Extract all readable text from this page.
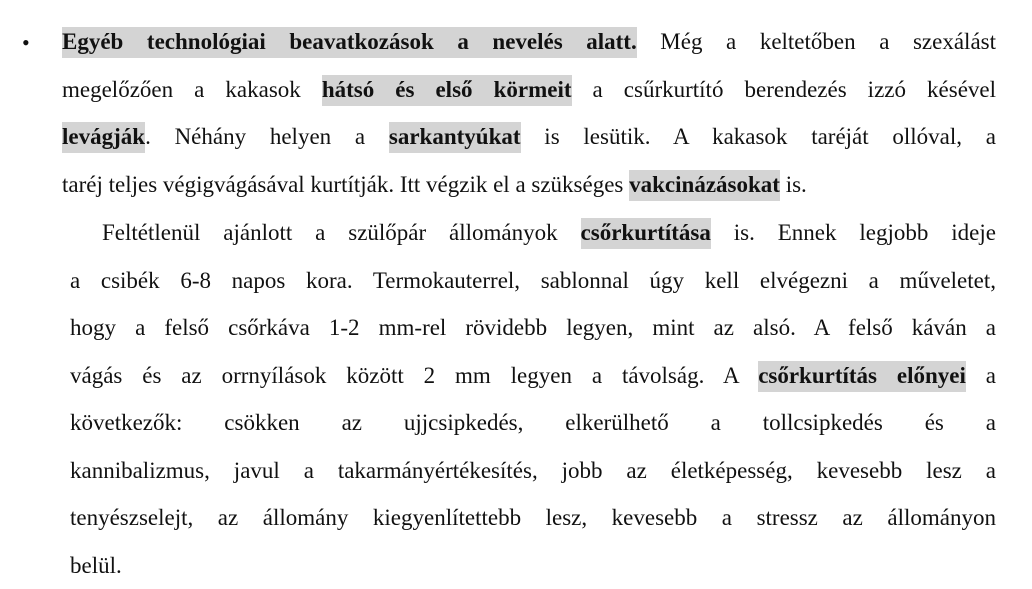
• Egyéb technológiai beavatkozások a nevelés alatt. Még a keltetőben a szexálást
megelőzően a kakasok hátsó és első körmeit a csűrkurtító berendezés izzó késével
levágják. Néhány helyen a sarkantyúkat is lesütik. A kakasok taréját ollóval, a
taréj teljes végigvágásával kurtítják. Itt végzik el a szükséges vakcinázásokat is.
Feltétlenül ajánlott a szülőpár állományok csőrkurtítása is. Ennek legjobb ideje
a csibék 6-8 napos kora. Termokauterrel, sablonnal úgy kell elvégezni a műveletet,
hogy a felső csőrkáva 1-2 mm-rel rövidebb legyen, mint az alsó. A felső káván a
vágás és az orrnyílások között 2 mm legyen a távolság. A csőrkurtítás előnyei a
következők: csökken az ujjcsipkedés, elkerülhető a tollcsipkedés és a
kannibalizmus, javul a takarmányértékesítés, jobb az életképesség, kevesebb lesz a
tenyészselejt, az állomány kiegyenlítettebb lesz, kevesebb a stressz az állományon
belül.
